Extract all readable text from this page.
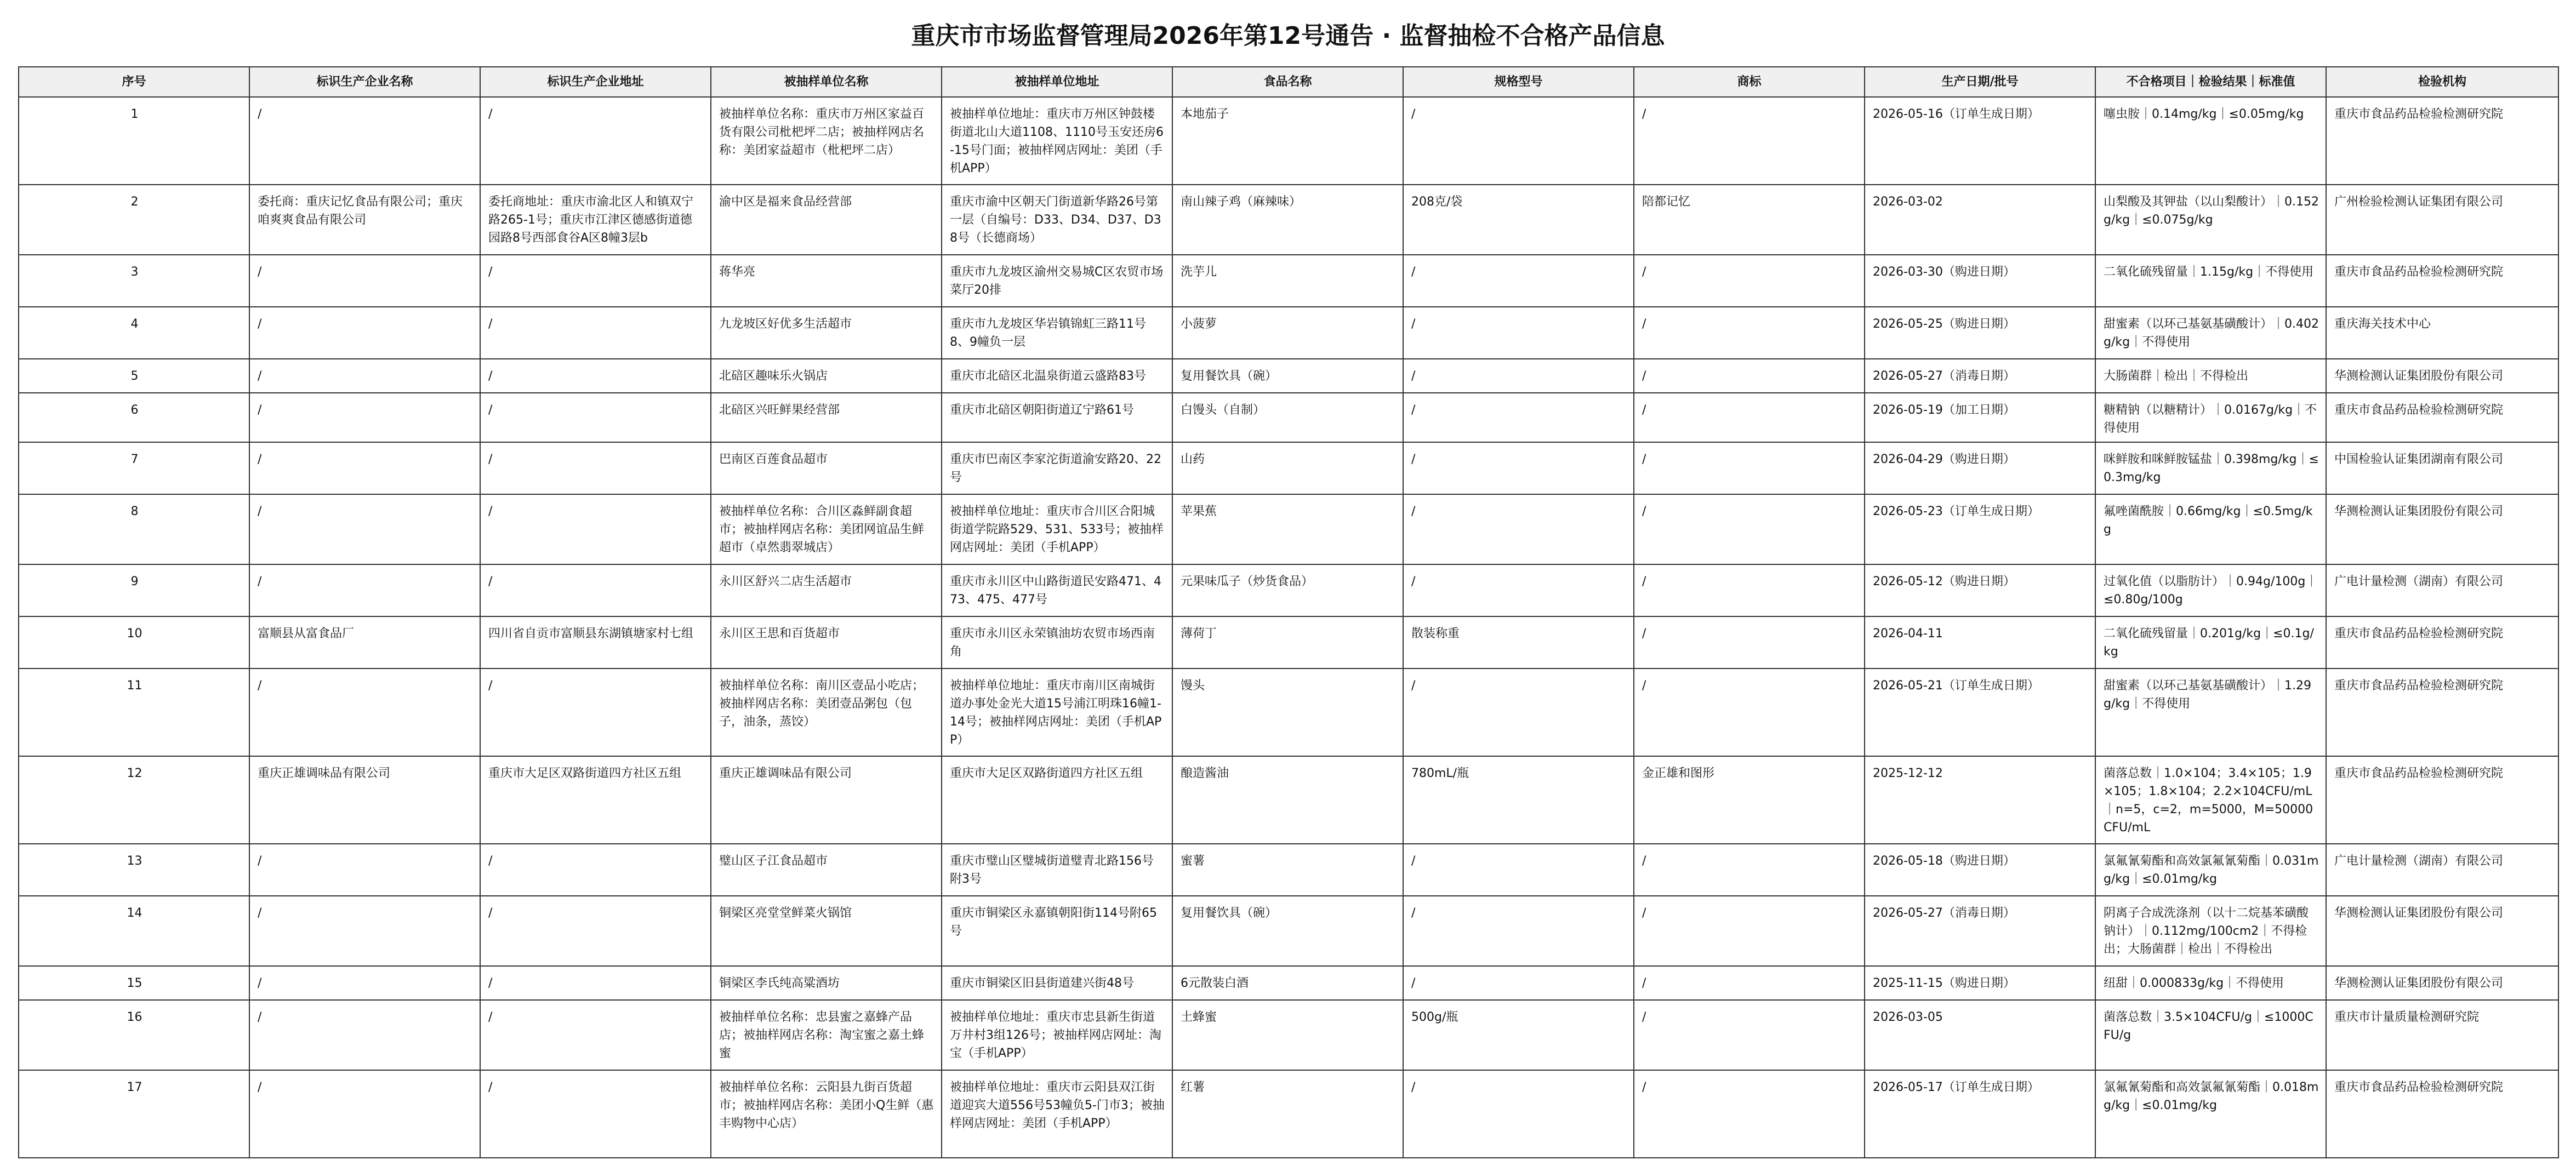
重庆市市场监督管理局2026年第12号通告 · 监督抽检不合格产品信息
序号	标识生产企业名称	标识生产企业地址	被抽样单位名称	被抽样单位地址	食品名称	规格型号	商标	生产日期/批号	不合格项目｜检验结果｜标准值	检验机构
1	/	/	被抽样单位名称：重庆市万州区家益百货有限公司枇杷坪二店；被抽样网店名称：美团家益超市（枇杷坪二店）	被抽样单位地址：重庆市万州区钟鼓楼街道北山大道1108、1110号玉安还房6-15号门面；被抽样网店网址：美团（手机APP）	本地茄子	/	/	2026-05-16（订单生成日期）	噻虫胺｜0.14mg/kg｜≤0.05mg/kg	重庆市食品药品检验检测研究院
2	委托商：重庆记忆食品有限公司；重庆咱爽爽食品有限公司	委托商地址：重庆市渝北区人和镇双宁路265-1号；重庆市江津区德感街道德园路8号西部食谷A区8幢3层b	渝中区是福来食品经营部	重庆市渝中区朝天门街道新华路26号第一层（自编号：D33、D34、D37、D38号（长德商场）	南山辣子鸡（麻辣味）	208克/袋	陪都记忆	2026-03-02	山梨酸及其钾盐（以山梨酸计）｜0.152g/kg｜≤0.075g/kg	广州检验检测认证集团有限公司
3	/	/	蒋华亮	重庆市九龙坡区渝州交易城C区农贸市场菜厅20排	洗芋儿	/	/	2026-03-30（购进日期）	二氧化硫残留量｜1.15g/kg｜不得使用	重庆市食品药品检验检测研究院
4	/	/	九龙坡区好优多生活超市	重庆市九龙坡区华岩镇锦虹三路11号8、9幢负一层	小菠萝	/	/	2026-05-25（购进日期）	甜蜜素（以环己基氨基磺酸计）｜0.402g/kg｜不得使用	重庆海关技术中心
5	/	/	北碚区趣味乐火锅店	重庆市北碚区北温泉街道云盛路83号	复用餐饮具（碗）	/	/	2026-05-27（消毒日期）	大肠菌群｜检出｜不得检出	华测检测认证集团股份有限公司
6	/	/	北碚区兴旺鲜果经营部	重庆市北碚区朝阳街道辽宁路61号	白馒头（自制）	/	/	2026-05-19（加工日期）	糖精钠（以糖精计）｜0.0167g/kg｜不得使用	重庆市食品药品检验检测研究院
7	/	/	巴南区百莲食品超市	重庆市巴南区李家沱街道渝安路20、22号	山药	/	/	2026-04-29（购进日期）	咪鲜胺和咪鲜胺锰盐｜0.398mg/kg｜≤0.3mg/kg	中国检验认证集团湖南有限公司
8	/	/	被抽样单位名称：合川区淼鲜副食超市；被抽样网店名称：美团网谊品生鲜超市（卓然翡翠城店）	被抽样单位地址：重庆市合川区合阳城街道学院路529、531、533号；被抽样网店网址：美团（手机APP）	苹果蕉	/	/	2026-05-23（订单生成日期）	氟唑菌酰胺｜0.66mg/kg｜≤0.5mg/kg	华测检测认证集团股份有限公司
9	/	/	永川区舒兴二店生活超市	重庆市永川区中山路街道民安路471、473、475、477号	元果味瓜子（炒货食品）	/	/	2026-05-12（购进日期）	过氧化值（以脂肪计）｜0.94g/100g｜≤0.80g/100g	广电计量检测（湖南）有限公司
10	富顺县从富食品厂	四川省自贡市富顺县东湖镇塘家村七组	永川区王思和百货超市	重庆市永川区永荣镇油坊农贸市场西南角	薄荷丁	散装称重	/	2026-04-11	二氧化硫残留量｜0.201g/kg｜≤0.1g/kg	重庆市食品药品检验检测研究院
11	/	/	被抽样单位名称：南川区壹品小吃店；被抽样网店名称：美团壹品粥包（包子，油条，蒸饺）	被抽样单位地址：重庆市南川区南城街道办事处金光大道15号浦江明珠16幢1-14号；被抽样网店网址：美团（手机APP）	馒头	/	/	2026-05-21（订单生成日期）	甜蜜素（以环己基氨基磺酸计）｜1.29g/kg｜不得使用	重庆市食品药品检验检测研究院
12	重庆正雄调味品有限公司	重庆市大足区双路街道四方社区五组	重庆正雄调味品有限公司	重庆市大足区双路街道四方社区五组	酿造酱油	780mL/瓶	金正雄和图形	2025-12-12	菌落总数｜1.0×104；3.4×105；1.9×105；1.8×104；2.2×104CFU/mL｜n=5，c=2，m=5000，M=50000CFU/mL	重庆市食品药品检验检测研究院
13	/	/	璧山区子江食品超市	重庆市璧山区璧城街道璧青北路156号附3号	蜜薯	/	/	2026-05-18（购进日期）	氯氟氰菊酯和高效氯氟氰菊酯｜0.031mg/kg｜≤0.01mg/kg	广电计量检测（湖南）有限公司
14	/	/	铜梁区亮堂堂鲜菜火锅馆	重庆市铜梁区永嘉镇朝阳街114号附65号	复用餐饮具（碗）	/	/	2026-05-27（消毒日期）	阴离子合成洗涤剂（以十二烷基苯磺酸钠计）｜0.112mg/100cm2｜不得检出；大肠菌群｜检出｜不得检出	华测检测认证集团股份有限公司
15	/	/	铜梁区李氏纯高粱酒坊	重庆市铜梁区旧县街道建兴街48号	6元散装白酒	/	/	2025-11-15（购进日期）	纽甜｜0.000833g/kg｜不得使用	华测检测认证集团股份有限公司
16	/	/	被抽样单位名称：忠县蜜之嘉蜂产品店；被抽样网店名称：淘宝蜜之嘉土蜂蜜	被抽样单位地址：重庆市忠县新生街道万井村3组126号；被抽样网店网址：淘宝（手机APP）	土蜂蜜	500g/瓶	/	2026-03-05	菌落总数｜3.5×104CFU/g｜≤1000CFU/g	重庆市计量质量检测研究院
17	/	/	被抽样单位名称：云阳县九街百货超市；被抽样网店名称：美团小Q生鲜（惠丰购物中心店）	被抽样单位地址：重庆市云阳县双江街道迎宾大道556号53幢负5-门市3；被抽样网店网址：美团（手机APP）	红薯	/	/	2026-05-17（订单生成日期）	氯氟氰菊酯和高效氯氟氰菊酯｜0.018mg/kg｜≤0.01mg/kg	重庆市食品药品检验检测研究院
